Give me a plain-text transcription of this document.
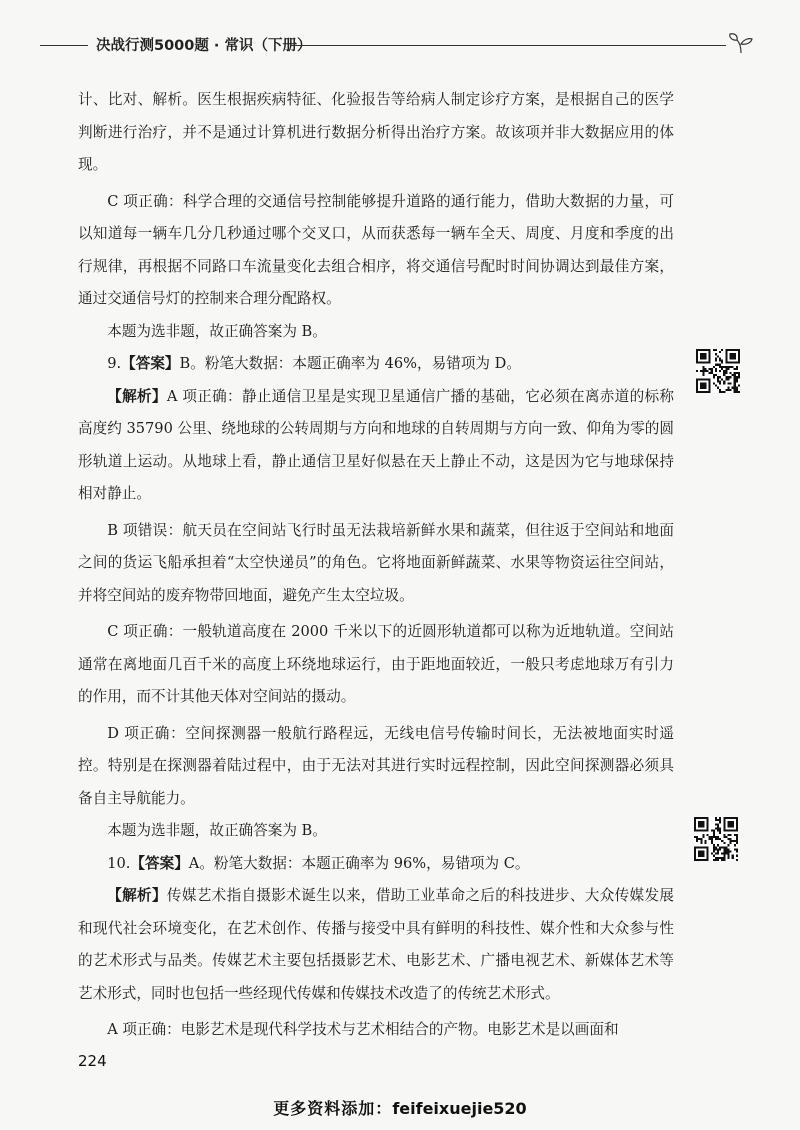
决战行测5000题 · 常识（下册）

计、比对、解析。医生根据疾病特征、化验报告等给病人制定诊疗方案，是根据自己的医学判断进行治疗，并不是通过计算机进行数据分析得出治疗方案。故该项并非大数据应用的体现。

C 项正确：科学合理的交通信号控制能够提升道路的通行能力，借助大数据的力量，可以知道每一辆车几分几秒通过哪个交叉口，从而获悉每一辆车全天、周度、月度和季度的出行规律，再根据不同路口车流量变化去组合相序，将交通信号配时时间协调达到最佳方案，通过交通信号灯的控制来合理分配路权。

本题为选非题，故正确答案为 B。

9.【答案】B。粉笔大数据：本题正确率为 46%，易错项为 D。

【解析】A 项正确：静止通信卫星是实现卫星通信广播的基础，它必须在离赤道的标称高度约 35790 公里、绕地球的公转周期与方向和地球的自转周期与方向一致、仰角为零的圆形轨道上运动。从地球上看，静止通信卫星好似悬在天上静止不动，这是因为它与地球保持相对静止。

B 项错误：航天员在空间站飞行时虽无法栽培新鲜水果和蔬菜，但往返于空间站和地面之间的货运飞船承担着“太空快递员”的角色。它将地面新鲜蔬菜、水果等物资运往空间站，并将空间站的废弃物带回地面，避免产生太空垃圾。

C 项正确：一般轨道高度在 2000 千米以下的近圆形轨道都可以称为近地轨道。空间站通常在离地面几百千米的高度上环绕地球运行，由于距地面较近，一般只考虑地球万有引力的作用，而不计其他天体对空间站的摄动。

D 项正确：空间探测器一般航行路程远，无线电信号传输时间长，无法被地面实时遥控。特别是在探测器着陆过程中，由于无法对其进行实时远程控制，因此空间探测器必须具备自主导航能力。

本题为选非题，故正确答案为 B。

10.【答案】A。粉笔大数据：本题正确率为 96%，易错项为 C。

【解析】传媒艺术指自摄影术诞生以来，借助工业革命之后的科技进步、大众传媒发展和现代社会环境变化，在艺术创作、传播与接受中具有鲜明的科技性、媒介性和大众参与性的艺术形式与品类。传媒艺术主要包括摄影艺术、电影艺术、广播电视艺术、新媒体艺术等艺术形式，同时也包括一些经现代传媒和传媒技术改造了的传统艺术形式。

A 项正确：电影艺术是现代科学技术与艺术相结合的产物。电影艺术是以画面和

224
更多资料添加：feifeixuejie520
